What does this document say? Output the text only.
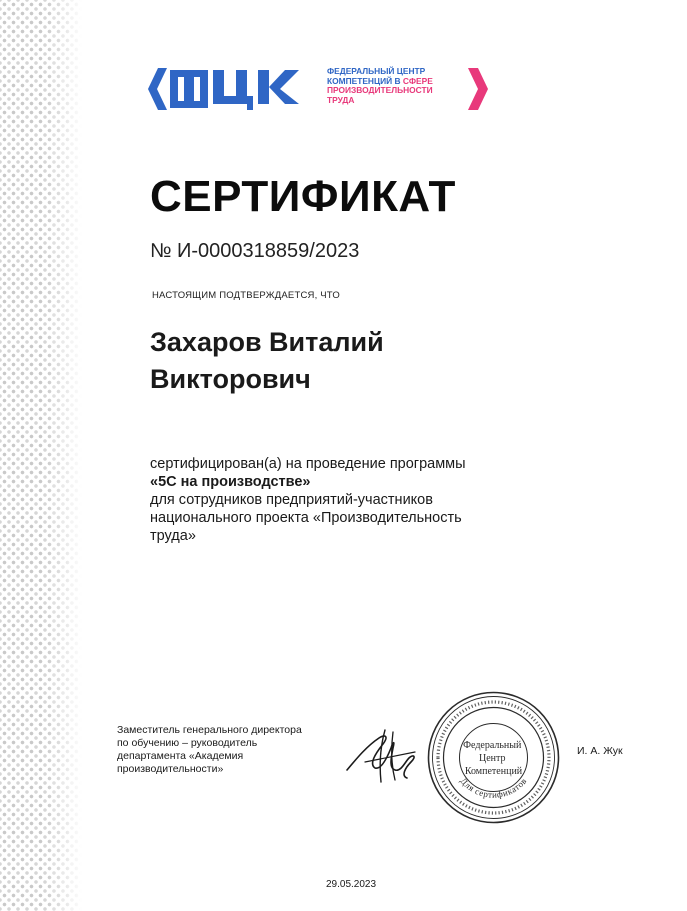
ФЕДЕРАЛЬНЫЙ ЦЕНТР
КОМПЕТЕНЦИЙ В СФЕРЕ
ПРОИЗВОДИТЕЛЬНОСТИ
ТРУДА
СЕРТИФИКАТ
№ И-0000318859/2023
НАСТОЯЩИМ ПОДТВЕРЖДАЕТСЯ, ЧТО
Захаров Виталий
Викторович
сертифицирован(а) на проведение программы
«5С на производстве»
для сотрудников предприятий-участников
национального проекта «Производительность
труда»
Заместитель генерального директора
по обучению – руководитель
департамента «Академия
производительности»
Федеральный Центр Компетенций
Для сертификатов
И. А. Жук
29.05.2023
